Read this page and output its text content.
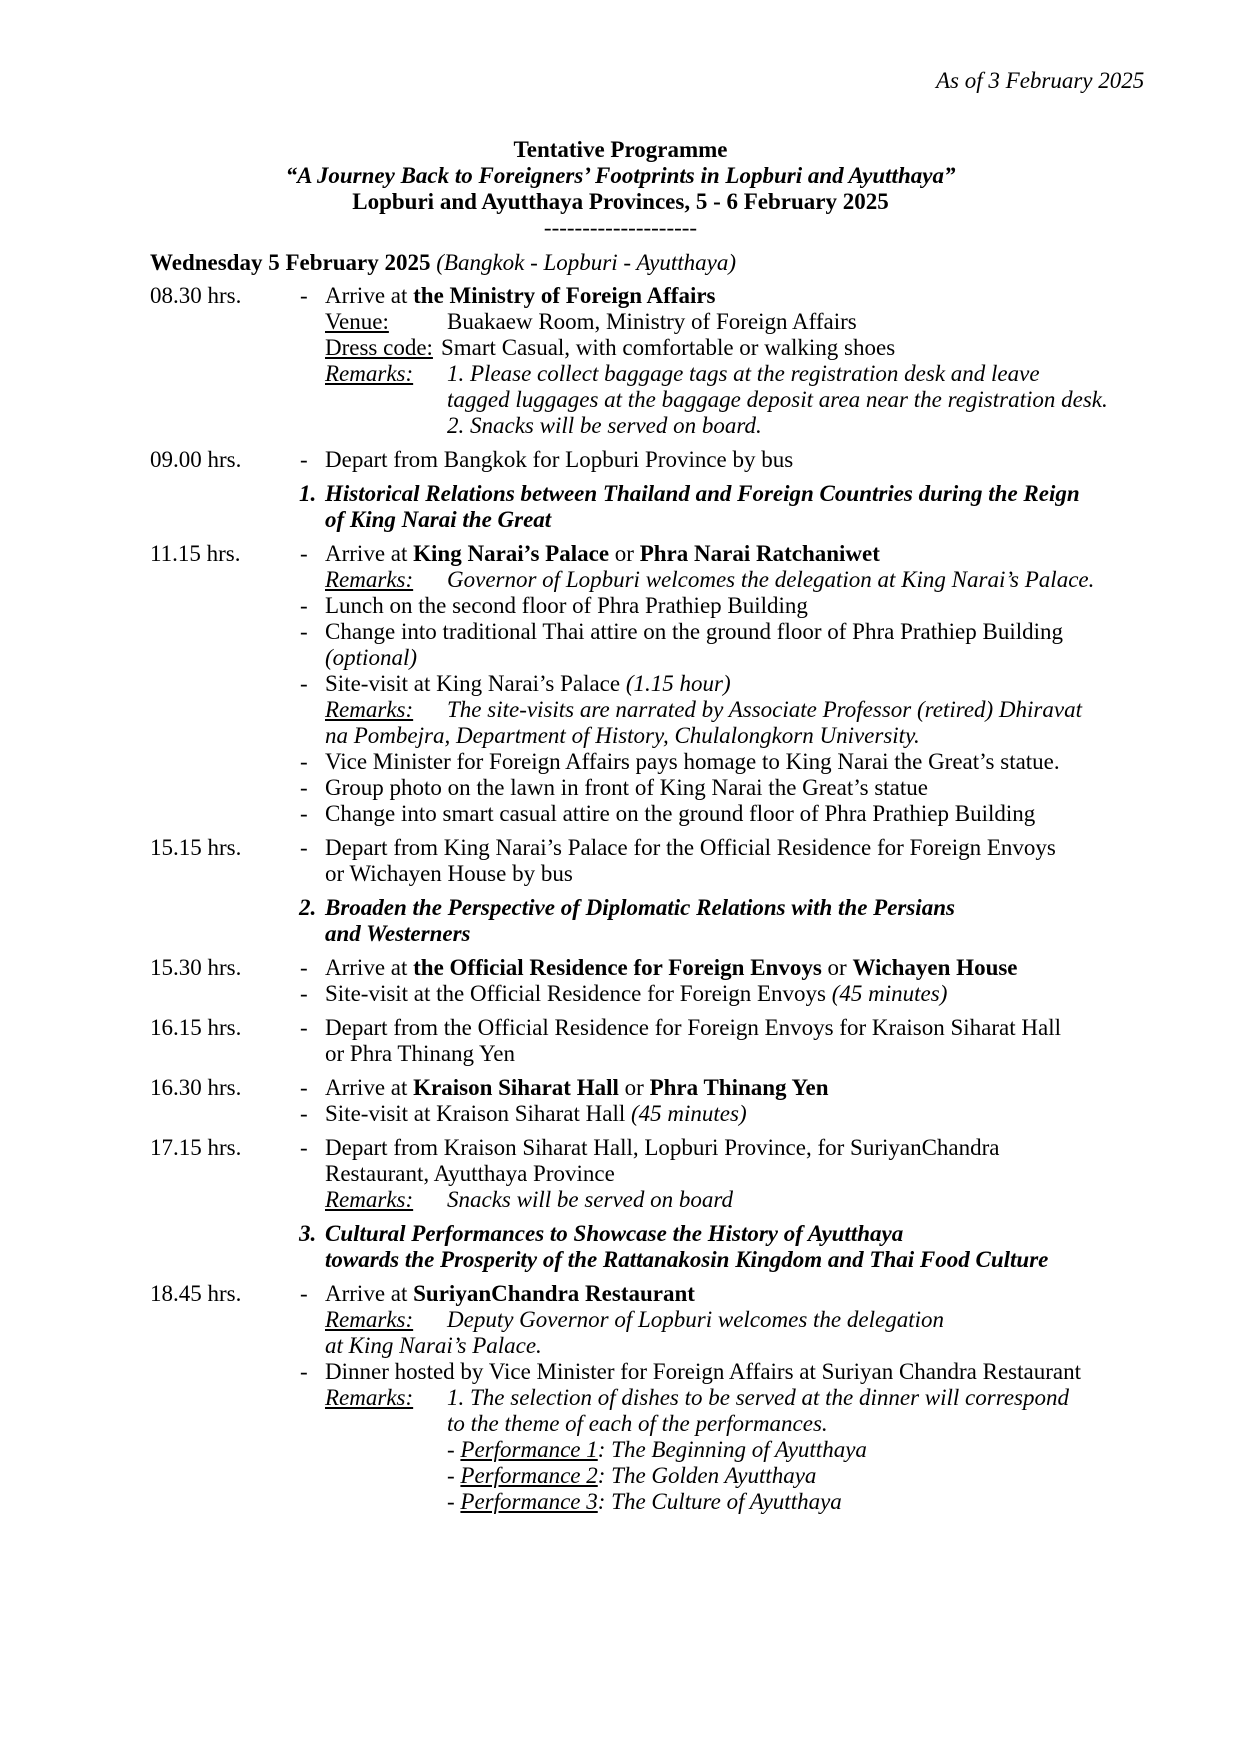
As of 3 February 2025
Tentative Programme
“A Journey Back to Foreigners’ Footprints in Lopburi and Ayutthaya”
Lopburi and Ayutthaya Provinces, 5 - 6 February 2025
--------------------
Wednesday 5 February 2025 (Bangkok - Lopburi - Ayutthaya)
08.30 hrs.	- Arrive at the Ministry of Foreign Affairs
Venue:	Buakaew Room, Ministry of Foreign Affairs
Dress code: Smart Casual, with comfortable or walking shoes
Remarks: 1. Please collect baggage tags at the registration desk and leave
tagged luggages at the baggage deposit area near the registration desk.
2. Snacks will be served on board.
09.00 hrs.	- Depart from Bangkok for Lopburi Province by bus
1. Historical Relations between Thailand and Foreign Countries during the Reign
of King Narai the Great
11.15 hrs.	- Arrive at King Narai’s Palace or Phra Narai Ratchaniwet
Remarks: Governor of Lopburi welcomes the delegation at King Narai’s Palace.
- Lunch on the second floor of Phra Prathiep Building
- Change into traditional Thai attire on the ground floor of Phra Prathiep Building
(optional)
- Site-visit at King Narai’s Palace (1.15 hour)
Remarks: The site-visits are narrated by Associate Professor (retired) Dhiravat
na Pombejra, Department of History, Chulalongkorn University.
- Vice Minister for Foreign Affairs pays homage to King Narai the Great’s statue.
- Group photo on the lawn in front of King Narai the Great’s statue
- Change into smart casual attire on the ground floor of Phra Prathiep Building
15.15 hrs.	- Depart from King Narai’s Palace for the Official Residence for Foreign Envoys
or Wichayen House by bus
2. Broaden the Perspective of Diplomatic Relations with the Persians
and Westerners
15.30 hrs.	- Arrive at the Official Residence for Foreign Envoys or Wichayen House
- Site-visit at the Official Residence for Foreign Envoys (45 minutes)
16.15 hrs.	- Depart from the Official Residence for Foreign Envoys for Kraison Siharat Hall
or Phra Thinang Yen
16.30 hrs.	- Arrive at Kraison Siharat Hall or Phra Thinang Yen
- Site-visit at Kraison Siharat Hall (45 minutes)
17.15 hrs.	- Depart from Kraison Siharat Hall, Lopburi Province, for SuriyanChandra
Restaurant, Ayutthaya Province
Remarks: Snacks will be served on board
3. Cultural Performances to Showcase the History of Ayutthaya
towards the Prosperity of the Rattanakosin Kingdom and Thai Food Culture
18.45 hrs.	- Arrive at SuriyanChandra Restaurant
Remarks: Deputy Governor of Lopburi welcomes the delegation
at King Narai’s Palace.
- Dinner hosted by Vice Minister for Foreign Affairs at Suriyan Chandra Restaurant
Remarks: 1. The selection of dishes to be served at the dinner will correspond
to the theme of each of the performances.
- Performance 1: The Beginning of Ayutthaya
- Performance 2: The Golden Ayutthaya
- Performance 3: The Culture of Ayutthaya
